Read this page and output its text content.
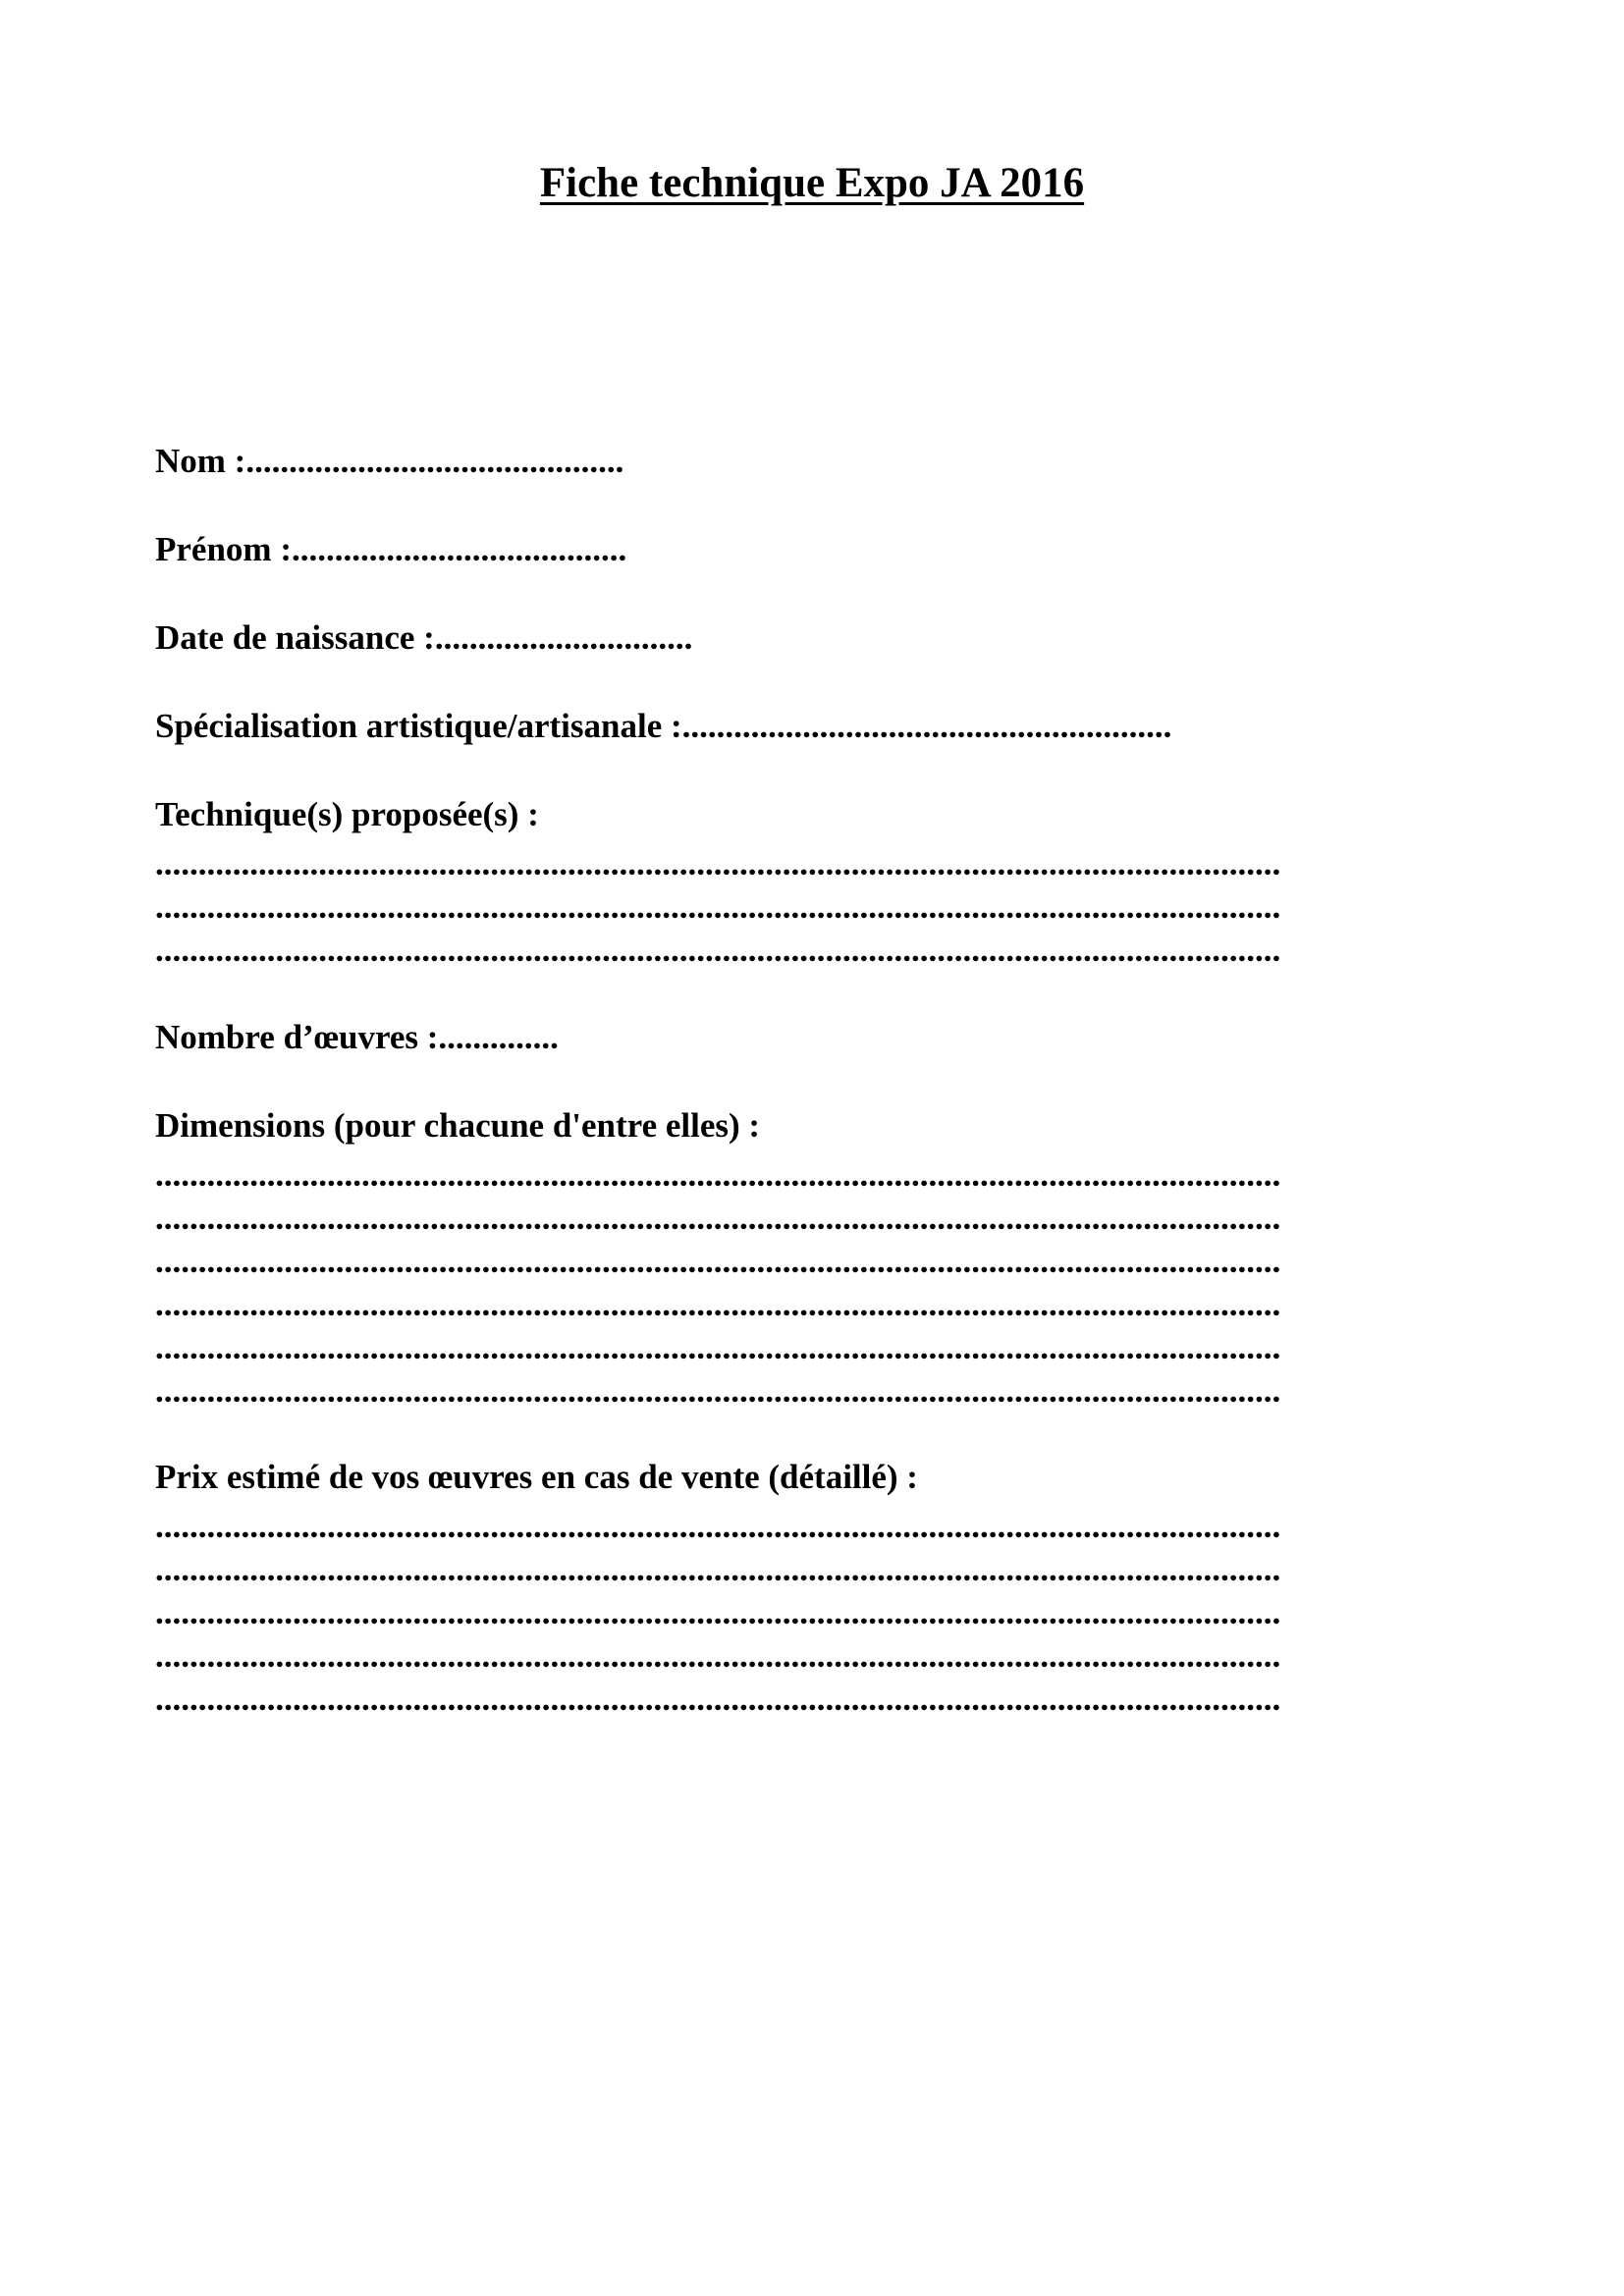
Fiche technique Expo JA 2016

Nom :............................................

Prénom :.......................................

Date de naissance :..............................

Spécialisation artistique/artisanale :.........................................................

Technique(s) proposée(s) :

...................................................................................................................................

...................................................................................................................................

...................................................................................................................................

Nombre d’œuvres :..............

Dimensions (pour chacune d'entre elles) :

...................................................................................................................................

...................................................................................................................................

...................................................................................................................................

...................................................................................................................................

...................................................................................................................................

...................................................................................................................................

Prix estimé de vos œuvres en cas de vente (détaillé) :

...................................................................................................................................

...................................................................................................................................

...................................................................................................................................

...................................................................................................................................

...................................................................................................................................
